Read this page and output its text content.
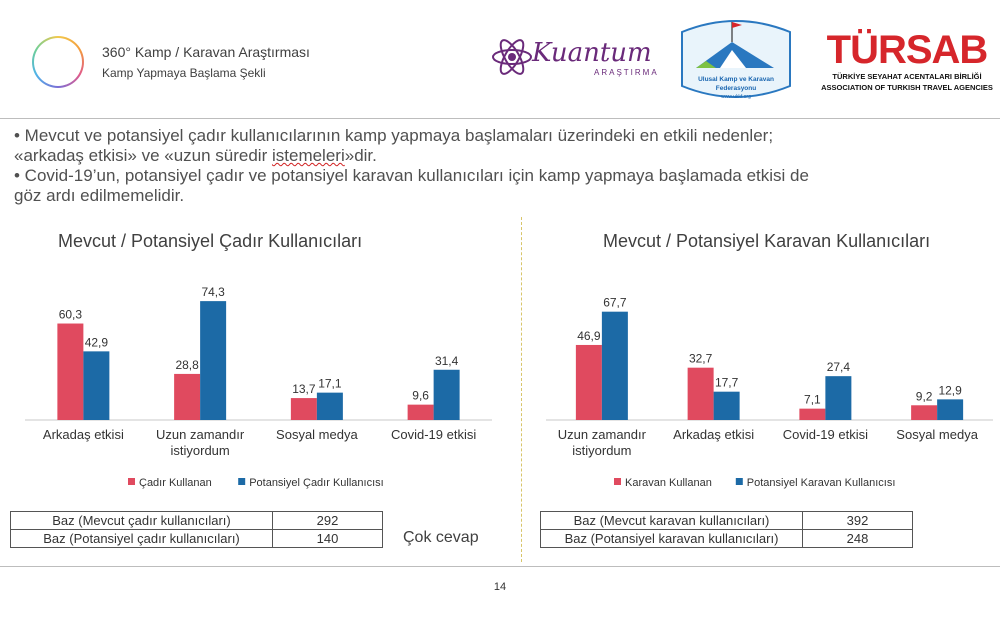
360° Kamp / Karavan Araştırması
Kamp Yapmaya Başlama Şekli
Kuantum
ARAŞTIRMA
Ulusal Kamp ve Karavan
Federasyonu
www.ukkf.org
TÜRSAB
TÜRKİYE SEYAHAT ACENTALARI BİRLİĞİ
ASSOCIATION OF TURKISH TRAVEL AGENCIES
• Mevcut ve potansiyel çadır kullanıcılarının kamp yapmaya başlamaları üzerindeki en etkili nedenler;
«arkadaş etkisi» ve «uzun süredir istemeleri»dir.
• Covid-19’un, potansiyel çadır ve potansiyel karavan kullanıcıları için kamp yapmaya başlamada etkisi de
göz ardı edilmemelidir.
Mevcut / Potansiyel Çadır Kullanıcıları	Mevcut / Potansiyel Karavan Kullanıcıları
60,3
42,9
Arkadaş etkisi
28,8
74,3
Uzun zamandır
istiyordum
13,7 17,1
Sosyal medya
9,6
31,4
Covid-19 etkisi
Çadır Kullanan	Potansiyel Çadır Kullanıcısı
46,9
67,7
Uzun zamandır
istiyordum
32,7
17,7
Arkadaş etkisi
7,1
27,4
Covid-19 etkisi
9,2 12,9
Sosyal medya
Karavan Kullanan	Potansiyel Karavan Kullanıcısı
Baz (Mevcut çadır kullanıcıları)	292
Baz (Potansiyel çadır kullanıcıları)	140	Çok cevap
Baz (Mevcut karavan kullanıcıları)	392
Baz (Potansiyel karavan kullanıcıları)	248
14
